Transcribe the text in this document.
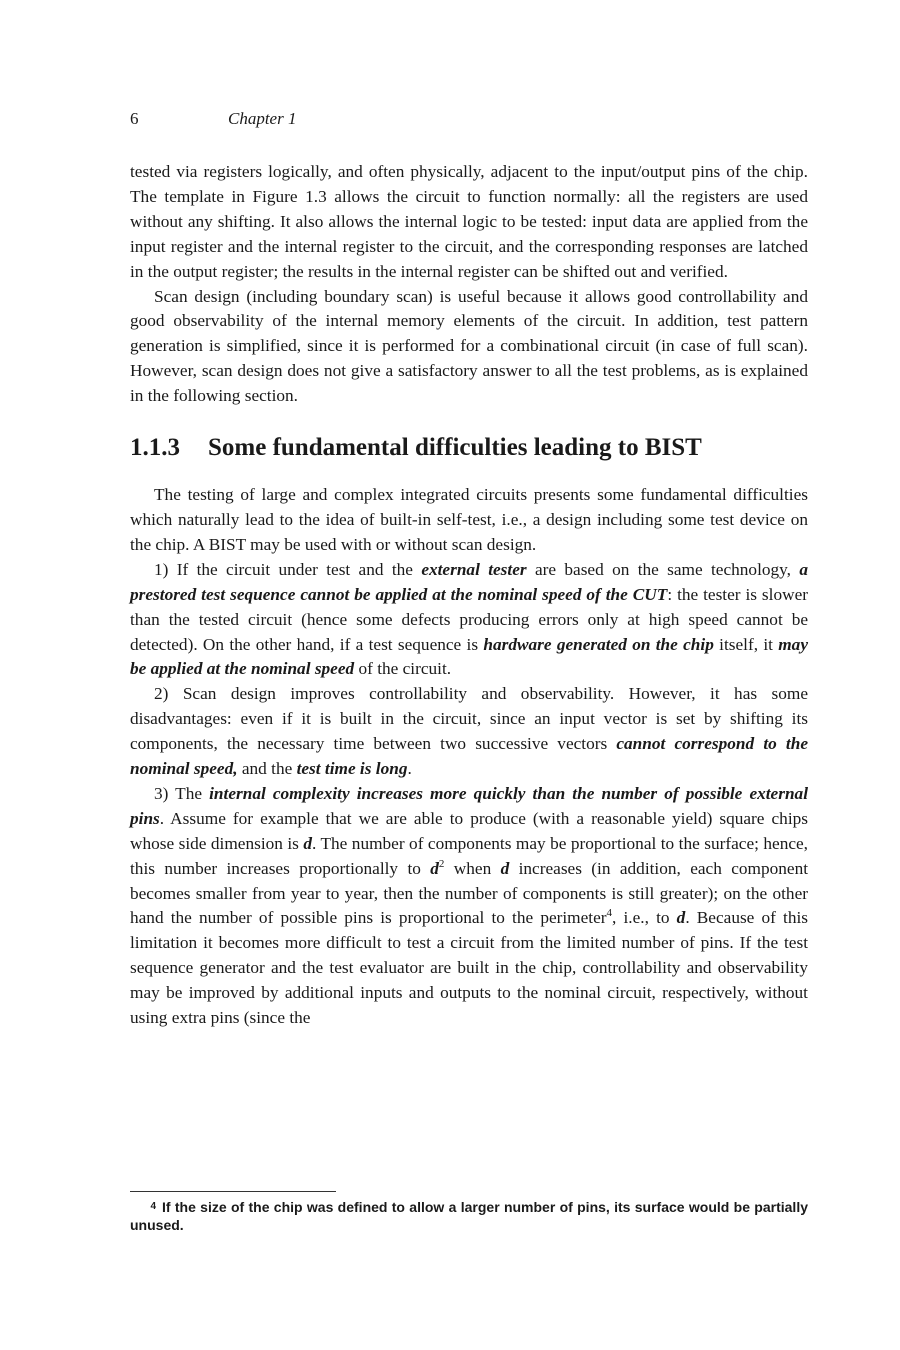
6	Chapter 1

tested via registers logically, and often physically, adjacent to the input/output pins of the chip. The template in Figure 1.3 allows the circuit to function normally: all the registers are used without any shifting. It also allows the internal logic to be tested: input data are applied from the input register and the internal register to the circuit, and the corresponding responses are latched in the output register; the results in the internal register can be shifted out and verified.

Scan design (including boundary scan) is useful because it allows good controllability and good observability of the internal memory elements of the circuit. In addition, test pattern generation is simplified, since it is performed for a combinational circuit (in case of full scan). However, scan design does not give a satisfactory answer to all the test problems, as is explained in the following section.

1.1.3 Some fundamental difficulties leading to BIST

The testing of large and complex integrated circuits presents some fundamental difficulties which naturally lead to the idea of built-in self-test, i.e., a design including some test device on the chip. A BIST may be used with or without scan design.

1) If the circuit under test and the external tester are based on the same technology, a prestored test sequence cannot be applied at the nominal speed of the CUT: the tester is slower than the tested circuit (hence some defects producing errors only at high speed cannot be detected). On the other hand, if a test sequence is hardware generated on the chip itself, it may be applied at the nominal speed of the circuit.

2) Scan design improves controllability and observability. However, it has some disadvantages: even if it is built in the circuit, since an input vector is set by shifting its components, the necessary time between two successive vectors cannot correspond to the nominal speed, and the test time is long.

3) The internal complexity increases more quickly than the number of possible external pins. Assume for example that we are able to produce (with a reasonable yield) square chips whose side dimension is d. The number of components may be proportional to the surface; hence, this number increases proportionally to $d^2$ when d increases (in addition, each component becomes smaller from year to year, then the number of components is still greater); on the other hand the number of possible pins is proportional to the perimeter$^4$, i.e., to d. Because of this limitation it becomes more difficult to test a circuit from the limited number of pins. If the test sequence generator and the test evaluator are built in the chip, controllability and observability may be improved by additional inputs and outputs to the nominal circuit, respectively, without using extra pins (since the

4 If the size of the chip was defined to allow a larger number of pins, its surface would be partially unused.
